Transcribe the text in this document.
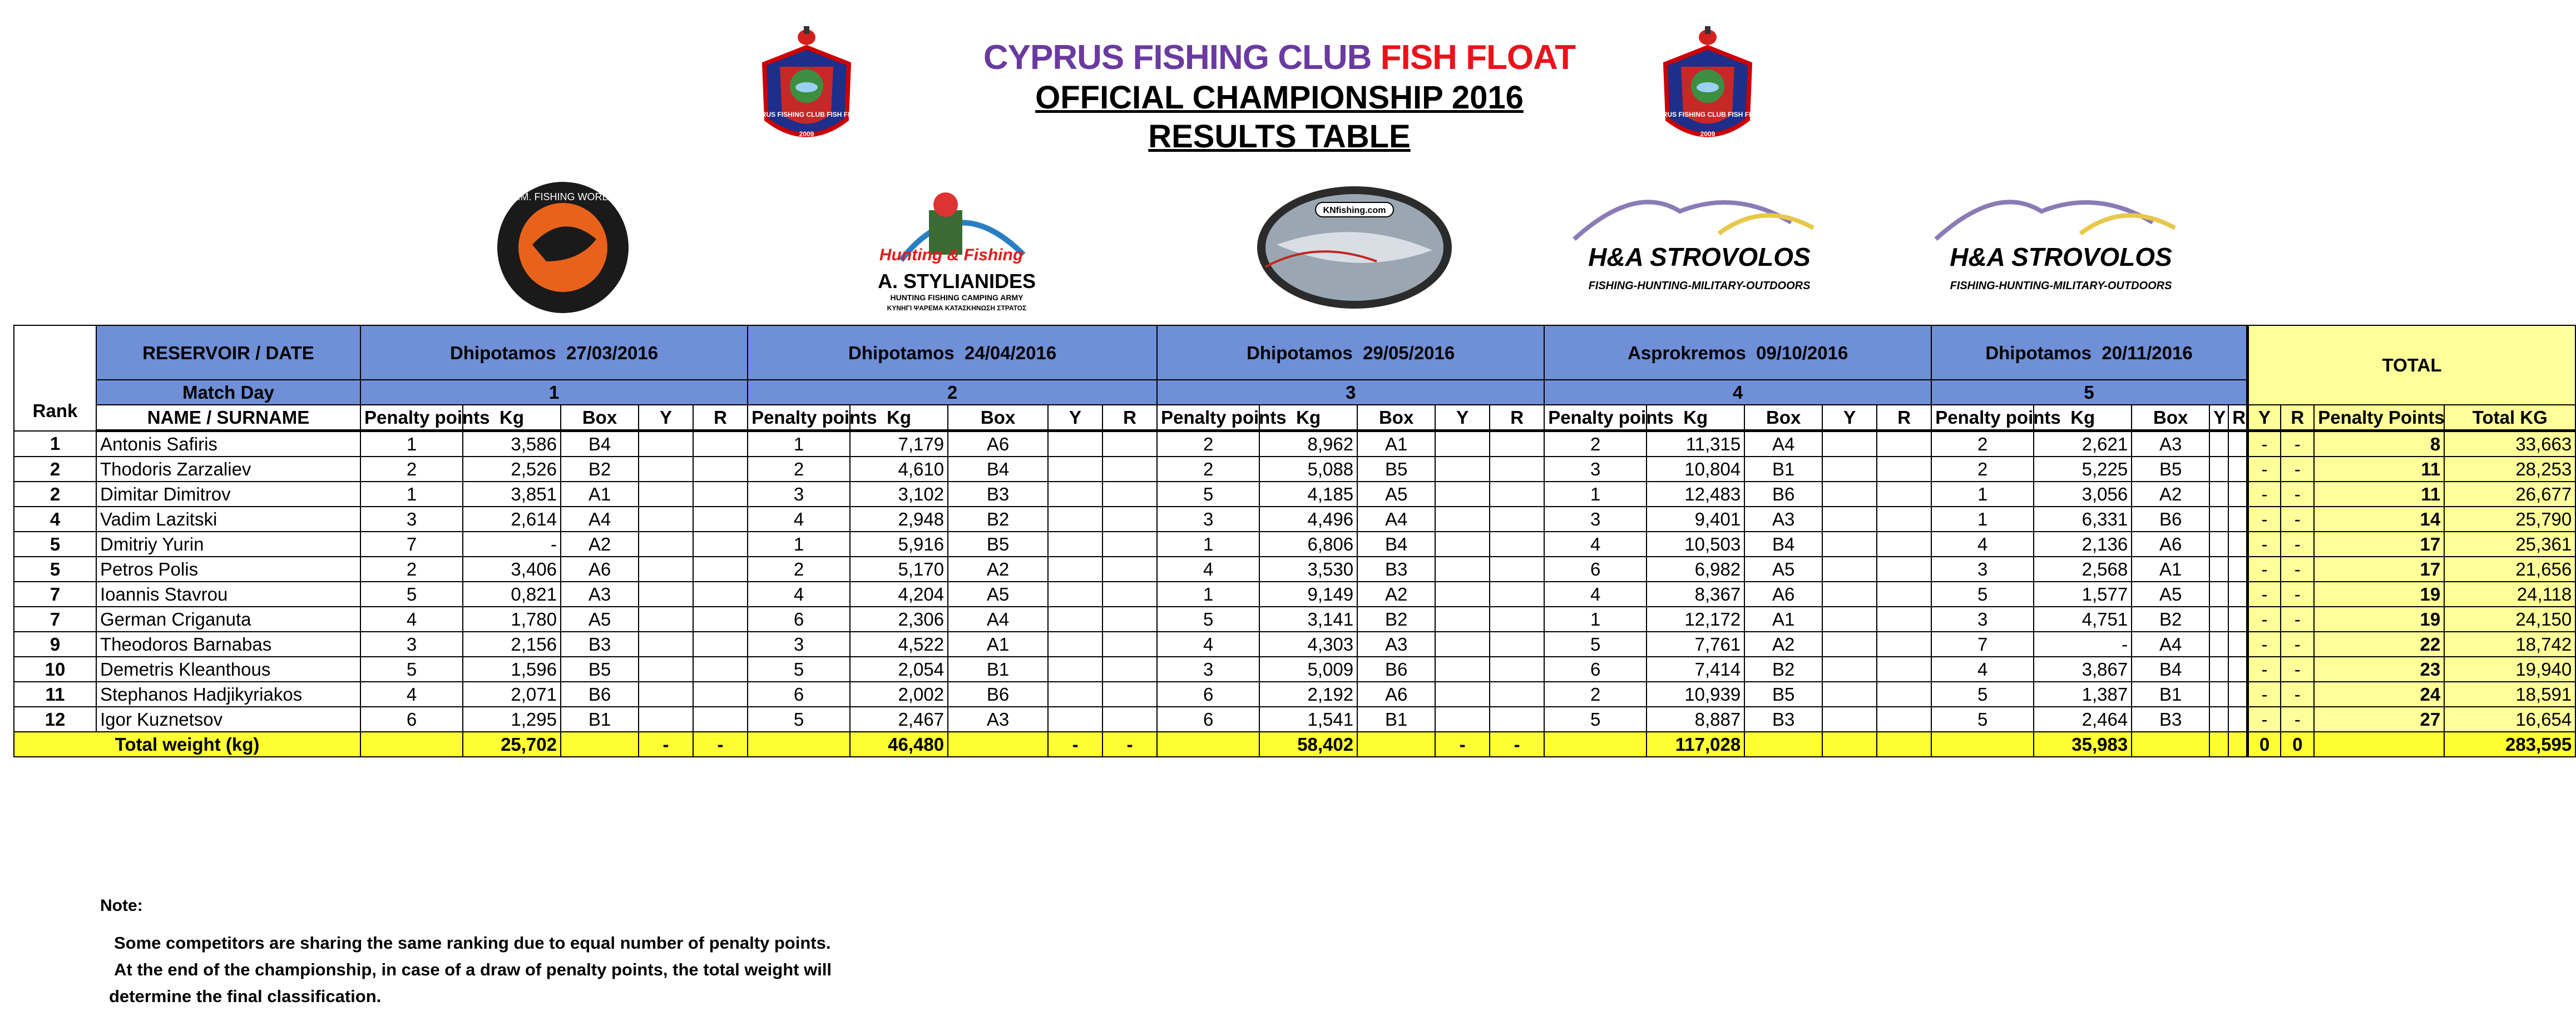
CYPRUS FISHING CLUB FISH FLOAT
OFFICIAL CHAMPIONSHIP 2016
RESULTS TABLE
CYPRUS FISHING CLUB FISH FLOAT
2009
CYPRUS FISHING CLUB FISH FLOAT
2009
A.M. FISHING WORLD
Hunting & Fishing
A. STYLIANIDES
HUNTING FISHING CAMPING ARMY
ΚΥΝΗΓΙ ΨΑΡΕΜΑ ΚΑΤΑΣΚΗΝΩΣΗ ΣΤΡΑΤΟΣ
KNfishing.com
H&A STROVOLOS
FISHING-HUNTING-MILITARY-OUTDOORS
H&A STROVOLOS
FISHING-HUNTING-MILITARY-OUTDOORS
Rank	RESERVOIR / DATE	Dhipotamos 27/03/2016					Dhipotamos 24/04/2016					Dhipotamos 29/05/2016					Asprokremos 09/10/2016					Dhipotamos 20/11/2016					TOTAL			
	Match Day	1					2					3					4					5								
	NAME / SURNAME	Penalty points	Kg	Box	Y	R	Penalty points	Kg	Box	Y	R	Penalty points	Kg	Box	Y	R	Penalty points	Kg	Box	Y	R	Penalty points	Kg	Box	Y	R	Y	R	Penalty Points	Total KG
1	Antonis Safiris	1	3,586	B4			1	7,179	A6			2	8,962	A1			2	11,315	A4			2	2,621	A3			-	-	8	33,663
2	Thodoris Zarzaliev	2	2,526	B2			2	4,610	B4			2	5,088	B5			3	10,804	B1			2	5,225	B5			-	-	11	28,253
2	Dimitar Dimitrov	1	3,851	A1			3	3,102	B3			5	4,185	A5			1	12,483	B6			1	3,056	A2			-	-	11	26,677
4	Vadim Lazitski	3	2,614	A4			4	2,948	B2			3	4,496	A4			3	9,401	A3			1	6,331	B6			-	-	14	25,790
5	Dmitriy Yurin	7	-	A2			1	5,916	B5			1	6,806	B4			4	10,503	B4			4	2,136	A6			-	-	17	25,361
5	Petros Polis	2	3,406	A6			2	5,170	A2			4	3,530	B3			6	6,982	A5			3	2,568	A1			-	-	17	21,656
7	Ioannis Stavrou	5	0,821	A3			4	4,204	A5			1	9,149	A2			4	8,367	A6			5	1,577	A5			-	-	19	24,118
7	German Criganuta	4	1,780	A5			6	2,306	A4			5	3,141	B2			1	12,172	A1			3	4,751	B2			-	-	19	24,150
9	Theodoros Barnabas	3	2,156	B3			3	4,522	A1			4	4,303	A3			5	7,761	A2			7	-	A4			-	-	22	18,742
10	Demetris Kleanthous	5	1,596	B5			5	2,054	B1			3	5,009	B6			6	7,414	B2			4	3,867	B4			-	-	23	19,940
11	Stephanos Hadjikyriakos	4	2,071	B6			6	2,002	B6			6	2,192	A6			2	10,939	B5			5	1,387	B1			-	-	24	18,591
12	Igor Kuznetsov	6	1,295	B1			5	2,467	A3			6	1,541	B1			5	8,887	B3			5	2,464	B3			-	-	27	16,654
Total weight (kg)			25,702		-	-		46,480		-	-		58,402		-	-		117,028					35,983				0	0		283,595
Note:
Some competitors are sharing the same ranking due to equal number of penalty points.
At the end of the championship, in case of a draw of penalty points, the total weight will
determine the final classification.
